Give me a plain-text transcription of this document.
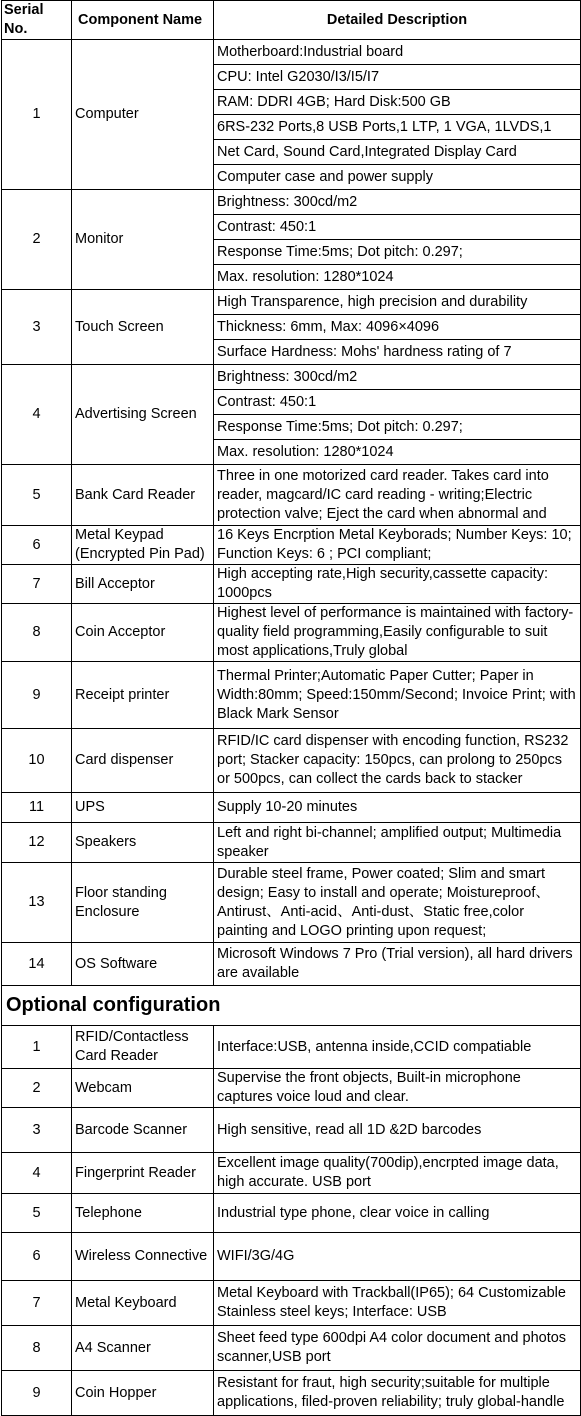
Serial No.	Component Name	Detailed Description
1	Computer	Motherboard:Industrial board
		CPU: Intel G2030/I3/I5/I7
		RAM: DDRI 4GB; Hard Disk:500 GB
		6RS-232 Ports,8 USB Ports,1 LTP, 1 VGA, 1LVDS,1
		Net Card, Sound Card,Integrated Display Card
		Computer case and power supply
2	Monitor	Brightness: 300cd/m2
		Contrast: 450:1
		Response Time:5ms; Dot pitch: 0.297;
		Max. resolution: 1280*1024
3	Touch Screen	High Transparence, high precision and durability
		Thickness: 6mm, Max: 4096×4096
		Surface Hardness: Mohs' hardness rating of 7
4	Advertising Screen	Brightness: 300cd/m2
		Contrast: 450:1
		Response Time:5ms; Dot pitch: 0.297;
		Max. resolution: 1280*1024
5	Bank Card Reader	Three in one motorized card reader. Takes card into reader, magcard/IC card reading - writing;Electric protection valve; Eject the card when abnormal and
6	Metal Keypad (Encrypted Pin Pad)	16 Keys Encrption Metal Keyborads; Number Keys: 10; Function Keys: 6 ; PCI compliant;
7	Bill Acceptor	High accepting rate,High security,cassette capacity: 1000pcs
8	Coin Acceptor	Highest level of performance is maintained with factory-quality field programming,Easily configurable to suit most applications,Truly global
9	Receipt printer	Thermal Printer;Automatic Paper Cutter; Paper in Width:80mm; Speed:150mm/Second; Invoice Print; with Black Mark Sensor
10	Card dispenser	RFID/IC card dispenser with encoding function, RS232 port; Stacker capacity: 150pcs, can prolong to 250pcs or 500pcs, can collect the cards back to stacker
11	UPS	Supply 10-20 minutes
12	Speakers	Left and right bi-channel; amplified output; Multimedia speaker
13	Floor standing Enclosure	Durable steel frame, Power coated; Slim and smart design; Easy to install and operate; Moistureproof、Antirust、Anti-acid、Anti-dust、Static free,color painting and LOGO printing upon request;
14	OS Software	Microsoft Windows 7 Pro (Trial version), all hard drivers are available
Optional configuration		
1	RFID/Contactless Card Reader	Interface:USB, antenna inside,CCID compatiable
2	Webcam	Supervise the front objects, Built-in microphone captures voice loud and clear.
3	Barcode Scanner	High sensitive, read all 1D &2D barcodes
4	Fingerprint Reader	Excellent image quality(700dip),encrpted image data, high accurate. USB port
5	Telephone	Industrial type phone, clear voice in calling
6	Wireless Connective	WIFI/3G/4G
7	Metal Keyboard	Metal Keyboard with Trackball(IP65); 64 Customizable Stainless steel keys; Interface: USB
8	A4 Scanner	Sheet feed type 600dpi A4 color document and photos scanner,USB port
9	Coin Hopper	Resistant for fraut, high security;suitable for multiple applications, filed-proven reliability; truly global-handle
